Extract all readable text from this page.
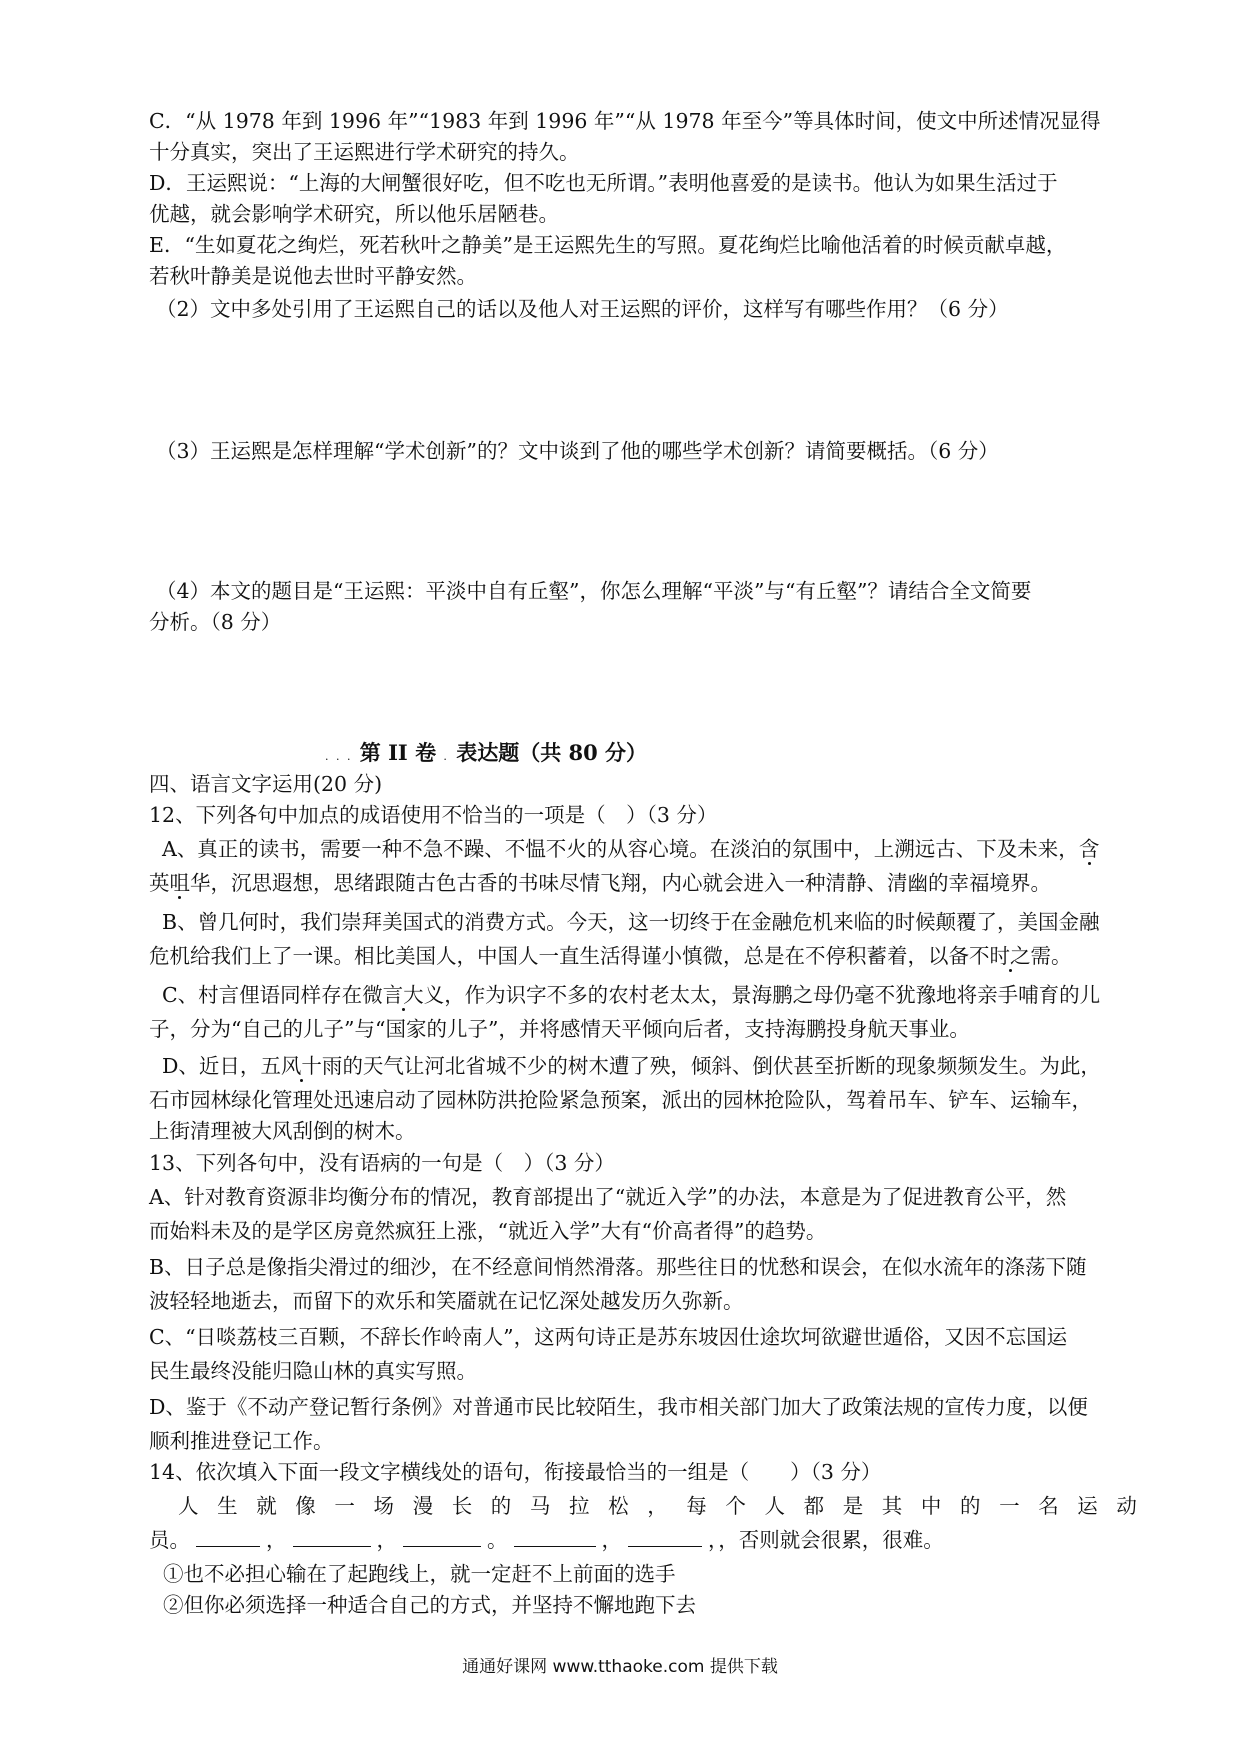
C．“从 1978 年到 1996 年”“1983 年到 1996 年”“从 1978 年至今”等具体时间，使文中所述情况显得
十分真实，突出了王运熙进行学术研究的持久。
D．王运熙说：“上海的大闸蟹很好吃，但不吃也无所谓。”表明他喜爱的是读书。他认为如果生活过于
优越，就会影响学术研究，所以他乐居陋巷。
E．“生如夏花之绚烂，死若秋叶之静美”是王运熙先生的写照。夏花绚烂比喻他活着的时候贡献卓越，
若秋叶静美是说他去世时平静安然。
（2）文中多处引用了王运熙自己的话以及他人对王运熙的评价，这样写有哪些作用？（6 分）
（3）王运熙是怎样理解“学术创新”的？文中谈到了他的哪些学术创新？请简要概括。（6 分）
（4）本文的题目是“王运熙：平淡中自有丘壑”，你怎么理解“平淡”与“有丘壑”？请结合全文简要
分析。（8 分）
. . . 第 II 卷 . 表达题（共 80 分）
四、语言文字运用(20 分)
12、下列各句中加点的成语使用不恰当的一项是（　）（3 分）
A、真正的读书，需要一种不急不躁、不愠不火的从容心境。在淡泊的氛围中，上溯远古、下及未来，含
英咀华，沉思遐想，思绪跟随古色古香的书味尽情飞翔，内心就会进入一种清静、清幽的幸福境界。
B、曾几何时，我们崇拜美国式的消费方式。今天，这一切终于在金融危机来临的时候颠覆了，美国金融
危机给我们上了一课。相比美国人，中国人一直生活得谨小慎微，总是在不停积蓄着，以备不时之需。
C、村言俚语同样存在微言大义，作为识字不多的农村老太太，景海鹏之母仍毫不犹豫地将亲手哺育的儿
子，分为“自己的儿子”与“国家的儿子”，并将感情天平倾向后者，支持海鹏投身航天事业。
D、近日，五风十雨的天气让河北省城不少的树木遭了殃，倾斜、倒伏甚至折断的现象频频发生。为此，
石市园林绿化管理处迅速启动了园林防洪抢险紧急预案，派出的园林抢险队，驾着吊车、铲车、运输车，
上街清理被大风刮倒的树木。
13、下列各句中，没有语病的一句是（　）（3 分）
A、针对教育资源非均衡分布的情况，教育部提出了“就近入学”的办法，本意是为了促进教育公平，然
而始料未及的是学区房竟然疯狂上涨，“就近入学”大有“价高者得”的趋势。
B、日子总是像指尖滑过的细沙，在不经意间悄然滑落。那些往日的忧愁和误会，在似水流年的涤荡下随
波轻轻地逝去，而留下的欢乐和笑靥就在记忆深处越发历久弥新。
C、“日啖荔枝三百颗，不辞长作岭南人”，这两句诗正是苏东坡因仕途坎坷欲避世遁俗，又因不忘国运
民生最终没能归隐山林的真实写照。
D、鉴于《不动产登记暂行条例》对普通市民比较陌生，我市相关部门加大了政策法规的宣传力度，以便
顺利推进登记工作。
14、依次填入下面一段文字横线处的语句，衔接最恰当的一组是（　　）（3 分）
人生就像一场漫长的马拉松，每个人都是其中的一名运动
员。	，	，	。	，	，，否则就会很累，很难。
①也不必担心输在了起跑线上，就一定赶不上前面的选手
②但你必须选择一种适合自己的方式，并坚持不懈地跑下去
通通好课网 www.tthaoke.com 提供下载
